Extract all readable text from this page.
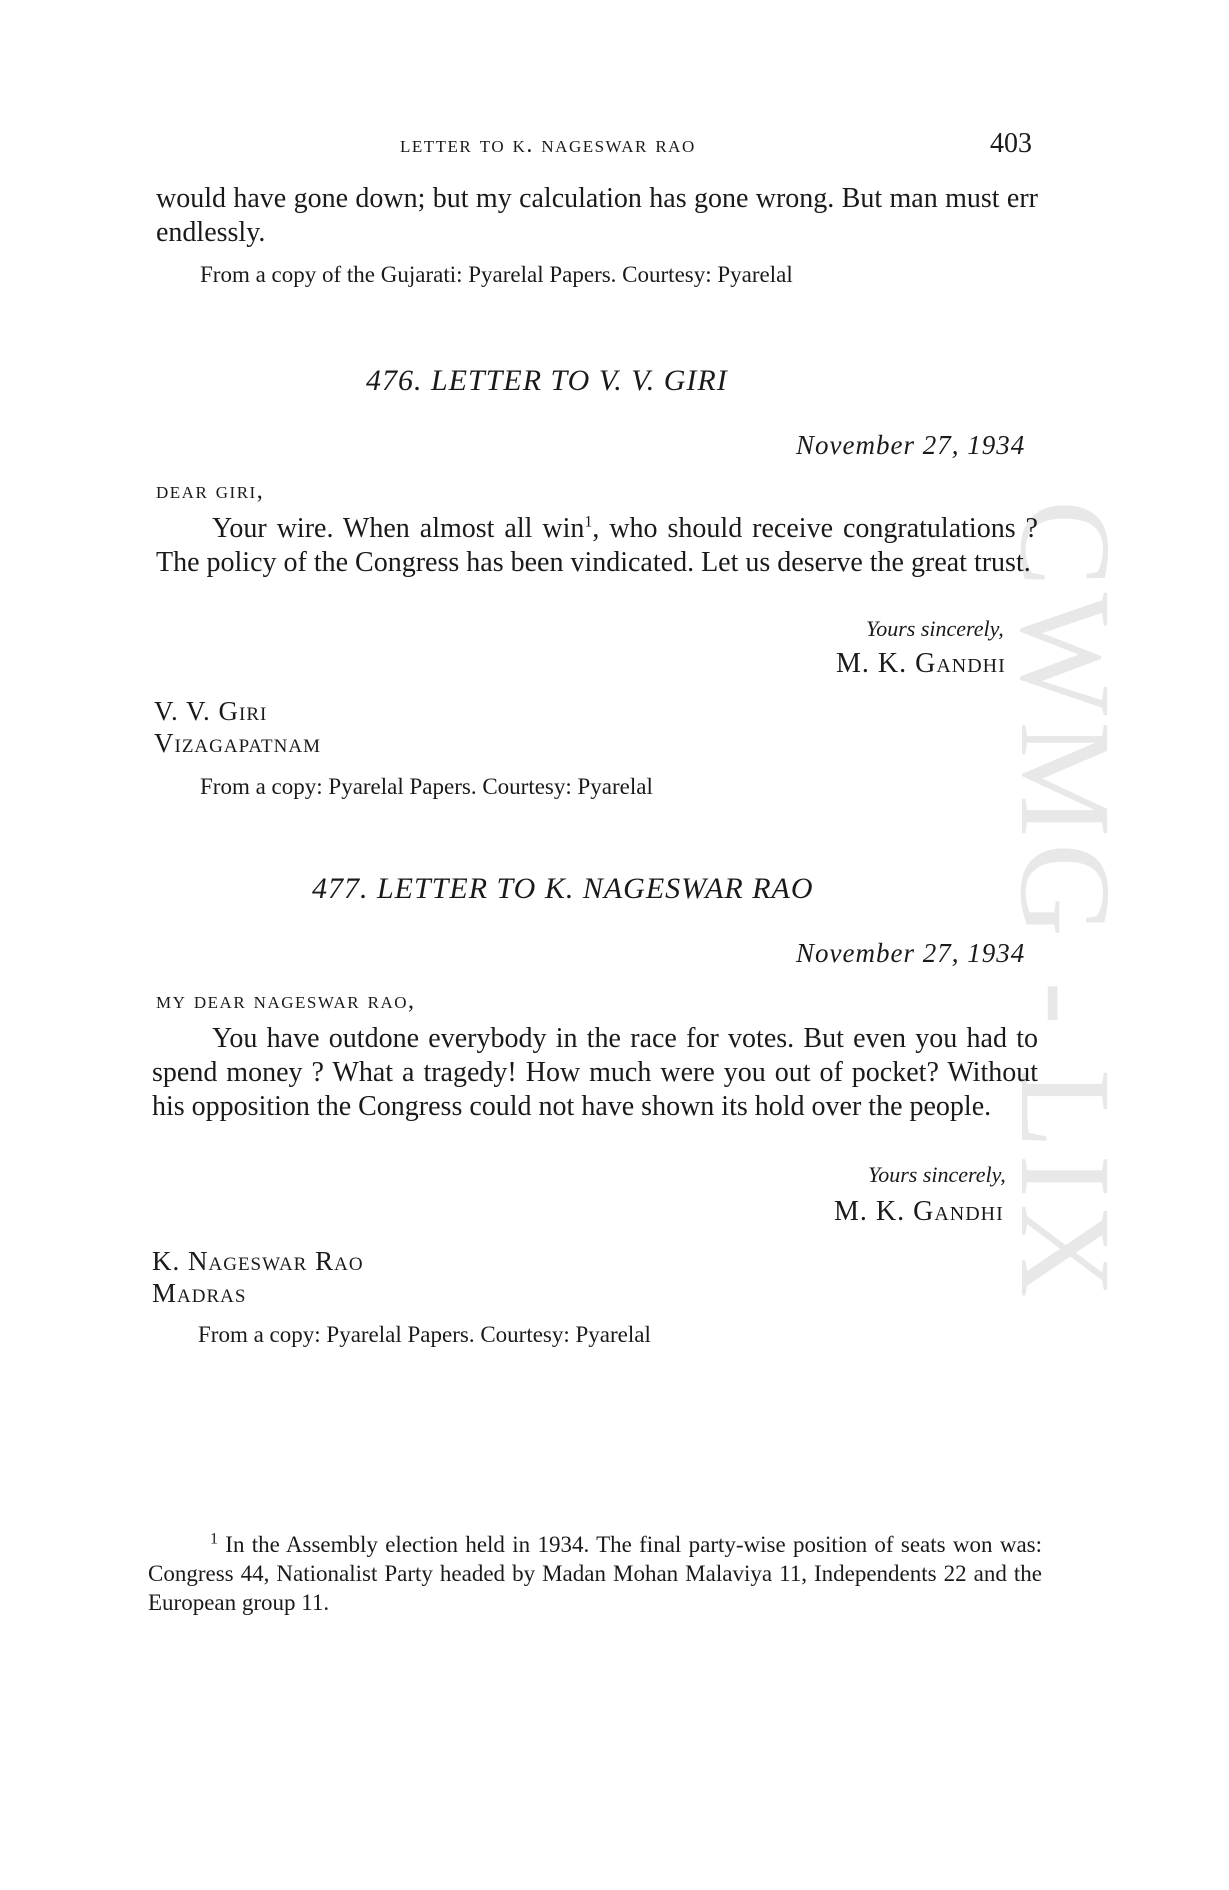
CWMG - LIX
letter to k. nageswar rao	403

would have gone down; but my calculation has gone wrong. But man must err endlessly.

From a copy of the Gujarati: Pyarelal Papers. Courtesy: Pyarelal

476. LETTER TO V. V. GIRI
November 27, 1934
dear giri,

Your wire. When almost all win$^1$, who should receive congratulations ? The policy of the Congress has been vindicated. Let us deserve the great trust.

Yours sincerely,
M. K. Gandhi
V. V. Giri
Vizagapatnam

From a copy: Pyarelal Papers. Courtesy: Pyarelal

477. LETTER TO K. NAGESWAR RAO
November 27, 1934
my dear nageswar rao,

You have outdone everybody in the race for votes. But even you had to spend money ? What a tragedy! How much were you out of pocket? Without his opposition the Congress could not have shown its hold over the people.

Yours sincerely,
M. K. Gandhi
K. Nageswar Rao
Madras

From a copy: Pyarelal Papers. Courtesy: Pyarelal

$^1$ In the Assembly election held in 1934. The final party-wise position of seats won was: Congress 44, Nationalist Party headed by Madan Mohan Malaviya 11, Independents 22 and the European group 11.
